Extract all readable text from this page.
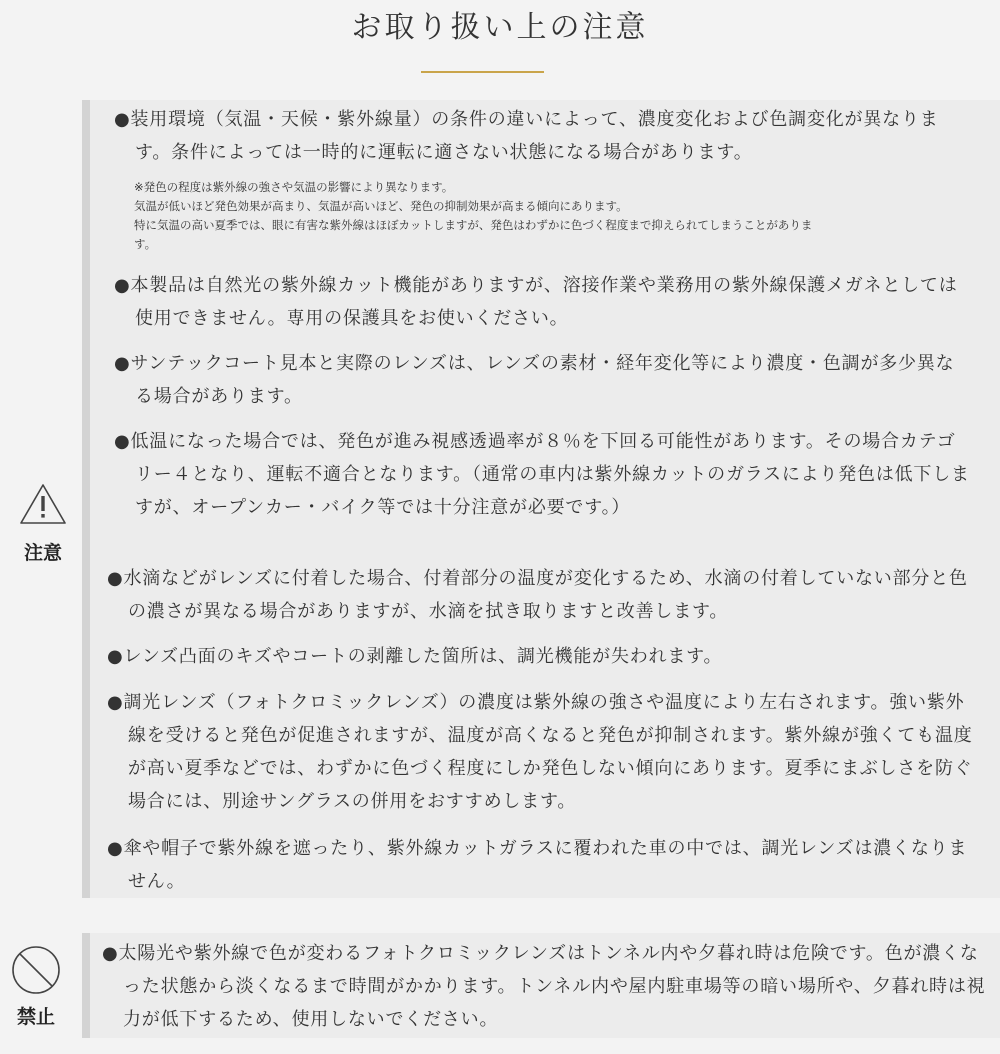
お取り扱い上の注意
注意
禁止
●装用環境（気温・天候・紫外線量）の条件の違いによって、濃度変化および色調変化が異なります。条件によっては一時的に運転に適さない状態になる場合があります。
※発色の程度は紫外線の強さや気温の影響により異なります。
気温が低いほど発色効果が高まり、気温が高いほど、発色の抑制効果が高まる傾向にあります。
特に気温の高い夏季では、眼に有害な紫外線はほぼカットしますが、発色はわずかに色づく程度まで抑えられてしまうことがありま
す。
●本製品は自然光の紫外線カット機能がありますが、溶接作業や業務用の紫外線保護メガネとしては使用できません。専用の保護具をお使いください。
●サンテックコート見本と実際のレンズは、レンズの素材・経年変化等により濃度・色調が多少異なる場合があります。
●低温になった場合では、発色が進み視感透過率が８％を下回る可能性があります。その場合カテゴリー４となり、運転不適合となります。（通常の車内は紫外線カットのガラスにより発色は低下しますが、オープンカー・バイク等では十分注意が必要です。）
●水滴などがレンズに付着した場合、付着部分の温度が変化するため、水滴の付着していない部分と色の濃さが異なる場合がありますが、水滴を拭き取りますと改善します。
●レンズ凸面のキズやコートの剥離した箇所は、調光機能が失われます。
●調光レンズ（フォトクロミックレンズ）の濃度は紫外線の強さや温度により左右されます。強い紫外線を受けると発色が促進されますが、温度が高くなると発色が抑制されます。紫外線が強くても温度が高い夏季などでは、わずかに色づく程度にしか発色しない傾向にあります。夏季にまぶしさを防ぐ場合には、別途サングラスの併用をおすすめします。
●傘や帽子で紫外線を遮ったり、紫外線カットガラスに覆われた車の中では、調光レンズは濃くなりません。
●太陽光や紫外線で色が変わるフォトクロミックレンズはトンネル内や夕暮れ時は危険です。色が濃くなった状態から淡くなるまで時間がかかります。トンネル内や屋内駐車場等の暗い場所や、夕暮れ時は視力が低下するため、使用しないでください。
